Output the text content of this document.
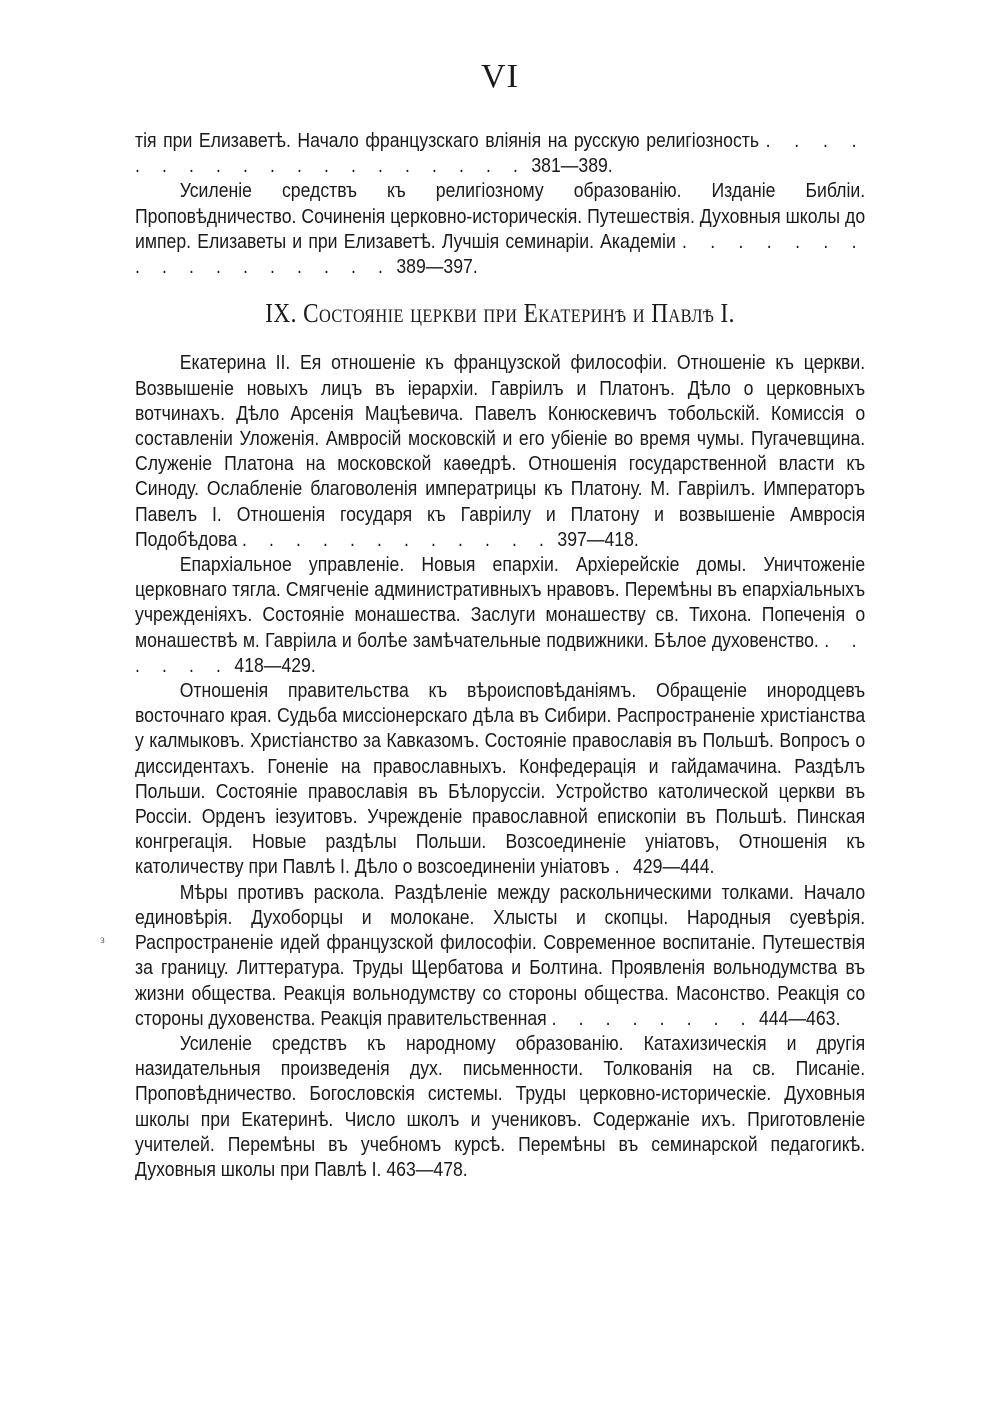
VI
з

тія при Елизаветѣ. Начало французскаго вліянія на русскую религіозность . . . . . . . . . . . . . . . . . . . 381—389.

Усиленіе средствъ къ религіозному образованію. Изданіе Библіи. Проповѣдничество. Сочиненія церковно-историческія. Путешествія. Духовныя школы до импер. Елизаветы и при Елизаветѣ. Лучшія семинаріи. Академіи . . . . . . . . . . . . . . . . . 389—397.

IX. Состояніе церкви при Екатеринѣ и Павлѣ I.

Екатерина II. Ея отношеніе къ французской философіи. Отношеніе къ церкви. Возвышеніе новыхъ лицъ въ іерархіи. Гавріилъ и Платонъ. Дѣло о церковныхъ вотчинахъ. Дѣло Арсенія Мацѣевича. Павелъ Конюскевичъ тобольскій. Комиссія о составленіи Уложенія. Амвросій московскій и его убіеніе во время чумы. Пугачевщина. Служеніе Платона на московской каѳедрѣ. Отношенія государственной власти къ Синоду. Ослабленіе благоволенія императрицы къ Платону. М. Гавріилъ. Императоръ Павелъ I. Отношенія государя къ Гавріилу и Платону и возвышеніе Амвросія Подобѣдова . . . . . . . . . . . . 397—418.

Епархіальное управленіе. Новыя епархіи. Архіерейскіе домы. Уничтоженіе церковнаго тягла. Смягченіе административныхъ нравовъ. Перемѣны въ епархіальныхъ учрежденіяхъ. Состояніе монашества. Заслуги монашеству св. Тихона. Попеченія о монашествѣ м. Гавріила и болѣе замѣчательные подвижники. Бѣлое духовенство. . . . . . . 418—429.

Отношенія правительства къ вѣроисповѣданіямъ. Обращеніе инородцевъ восточнаго края. Судьба миссіонерскаго дѣла въ Сибири. Распространеніе христіанства у калмыковъ. Христіанство за Кавказомъ. Состояніе православія въ Польшѣ. Вопросъ о диссидентахъ. Гоненіе на православныхъ. Конфедерація и гайдамачина. Раздѣлъ Польши. Состояніе православія въ Бѣлоруссіи. Устройство католической церкви въ Россіи. Орденъ іезуитовъ. Учрежденіе православной епископіи въ Польшѣ. Пинская конгрегація. Новые раздѣлы Польши. Возсоединеніе уніатовъ, Отношенія къ католичеству при Павлѣ I. Дѣло о возсоединеніи уніатовъ . 429—444.

Мѣры противъ раскола. Раздѣленіе между раскольническими толками. Начало единовѣрія. Духоборцы и молокане. Хлысты и скопцы. Народныя суевѣрія. Распространеніе идей французской философіи. Современное воспитаніе. Путешествія за границу. Литтература. Труды Щербатова и Болтина. Проявленія вольнодумства въ жизни общества. Реакція вольнодумству со стороны общества. Масонство. Реакція со стороны духовенства. Реакція правительственная . . . . . . . . 444—463.

Усиленіе средствъ къ народному образованію. Катахизическія и другія назидательныя произведенія дух. письменности. Толкованія на св. Писаніе. Проповѣдничество. Богословскія системы. Труды церковно-историческіе. Духовныя школы при Екатеринѣ. Число школъ и учениковъ. Содержаніе ихъ. Приготовленіе учителей. Перемѣны въ учебномъ курсѣ. Перемѣны въ семинарской педагогикѣ. Духовныя школы при Павлѣ I. 463—478.
